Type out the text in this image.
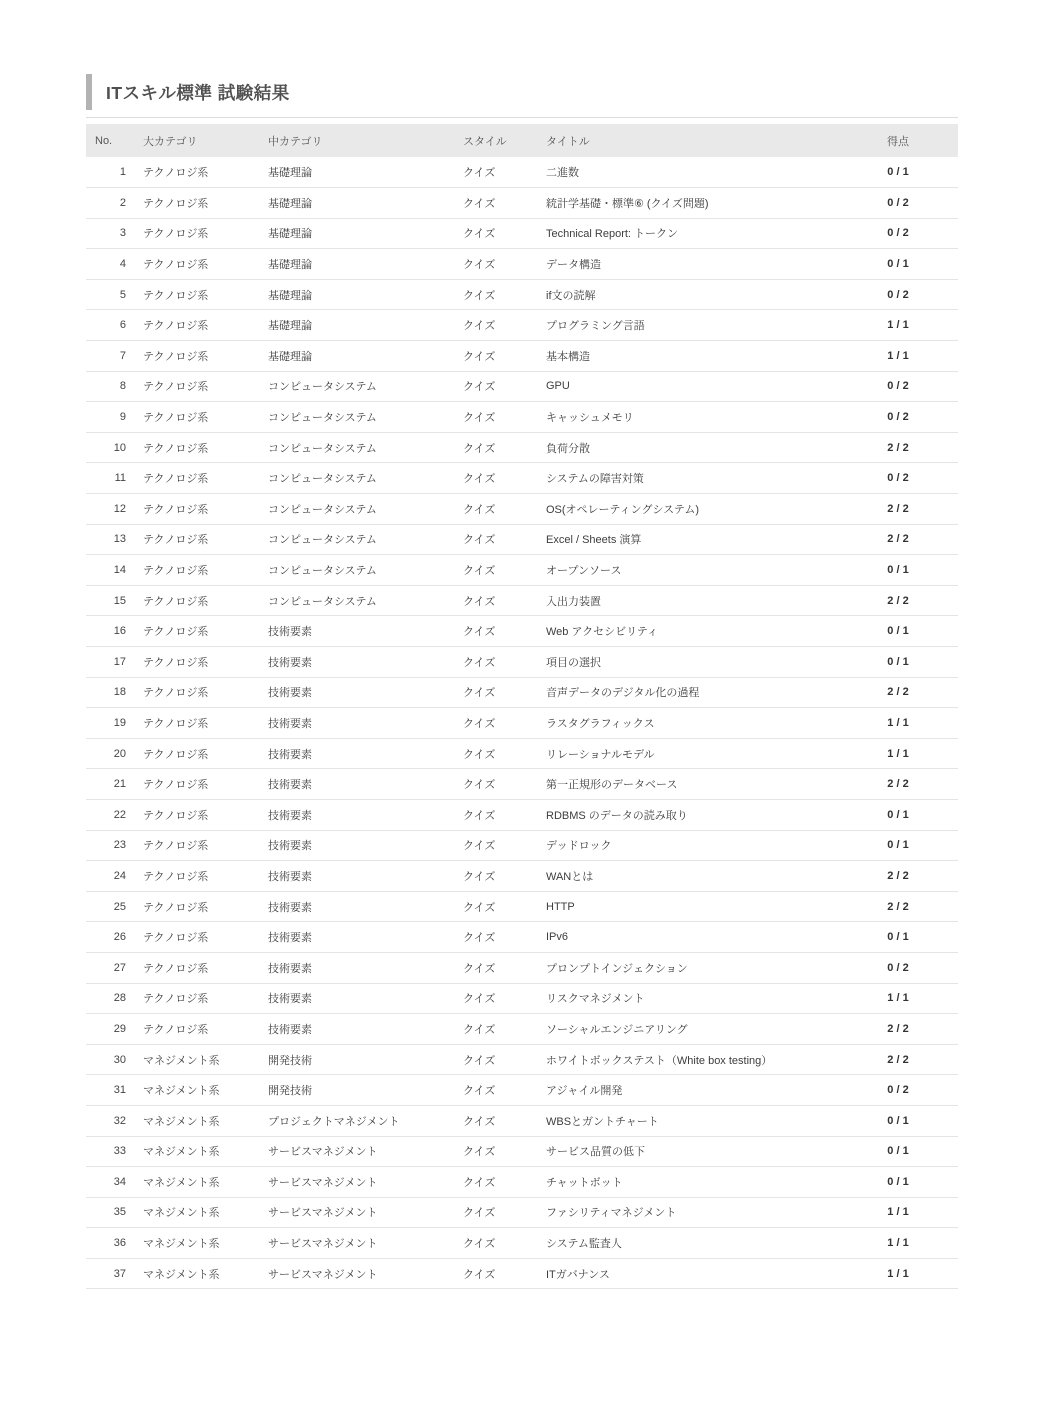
ITスキル標準 試験結果
No.	大カテゴリ	中カテゴリ	スタイル	タイトル	得点
1	テクノロジ系	基礎理論	クイズ	二進数	0 / 1
2	テクノロジ系	基礎理論	クイズ	統計学基礎・標準⑥ (クイズ問題)	0 / 2
3	テクノロジ系	基礎理論	クイズ	Technical Report: トークン	0 / 2
4	テクノロジ系	基礎理論	クイズ	データ構造	0 / 1
5	テクノロジ系	基礎理論	クイズ	if文の読解	0 / 2
6	テクノロジ系	基礎理論	クイズ	プログラミング言語	1 / 1
7	テクノロジ系	基礎理論	クイズ	基本構造	1 / 1
8	テクノロジ系	コンピュータシステム	クイズ	GPU	0 / 2
9	テクノロジ系	コンピュータシステム	クイズ	キャッシュメモリ	0 / 2
10	テクノロジ系	コンピュータシステム	クイズ	負荷分散	2 / 2
11	テクノロジ系	コンピュータシステム	クイズ	システムの障害対策	0 / 2
12	テクノロジ系	コンピュータシステム	クイズ	OS(オペレーティングシステム)	2 / 2
13	テクノロジ系	コンピュータシステム	クイズ	Excel / Sheets 演算	2 / 2
14	テクノロジ系	コンピュータシステム	クイズ	オープンソース	0 / 1
15	テクノロジ系	コンピュータシステム	クイズ	入出力装置	2 / 2
16	テクノロジ系	技術要素	クイズ	Web アクセシビリティ	0 / 1
17	テクノロジ系	技術要素	クイズ	項目の選択	0 / 1
18	テクノロジ系	技術要素	クイズ	音声データのデジタル化の過程	2 / 2
19	テクノロジ系	技術要素	クイズ	ラスタグラフィックス	1 / 1
20	テクノロジ系	技術要素	クイズ	リレーショナルモデル	1 / 1
21	テクノロジ系	技術要素	クイズ	第一正規形のデータベース	2 / 2
22	テクノロジ系	技術要素	クイズ	RDBMS のデータの読み取り	0 / 1
23	テクノロジ系	技術要素	クイズ	デッドロック	0 / 1
24	テクノロジ系	技術要素	クイズ	WANとは	2 / 2
25	テクノロジ系	技術要素	クイズ	HTTP	2 / 2
26	テクノロジ系	技術要素	クイズ	IPv6	0 / 1
27	テクノロジ系	技術要素	クイズ	プロンプトインジェクション	0 / 2
28	テクノロジ系	技術要素	クイズ	リスクマネジメント	1 / 1
29	テクノロジ系	技術要素	クイズ	ソーシャルエンジニアリング	2 / 2
30	マネジメント系	開発技術	クイズ	ホワイトボックステスト（White box testing）	2 / 2
31	マネジメント系	開発技術	クイズ	アジャイル開発	0 / 2
32	マネジメント系	プロジェクトマネジメント	クイズ	WBSとガントチャート	0 / 1
33	マネジメント系	サービスマネジメント	クイズ	サービス品質の低下	0 / 1
34	マネジメント系	サービスマネジメント	クイズ	チャットボット	0 / 1
35	マネジメント系	サービスマネジメント	クイズ	ファシリティマネジメント	1 / 1
36	マネジメント系	サービスマネジメント	クイズ	システム監査人	1 / 1
37	マネジメント系	サービスマネジメント	クイズ	ITガバナンス	1 / 1
